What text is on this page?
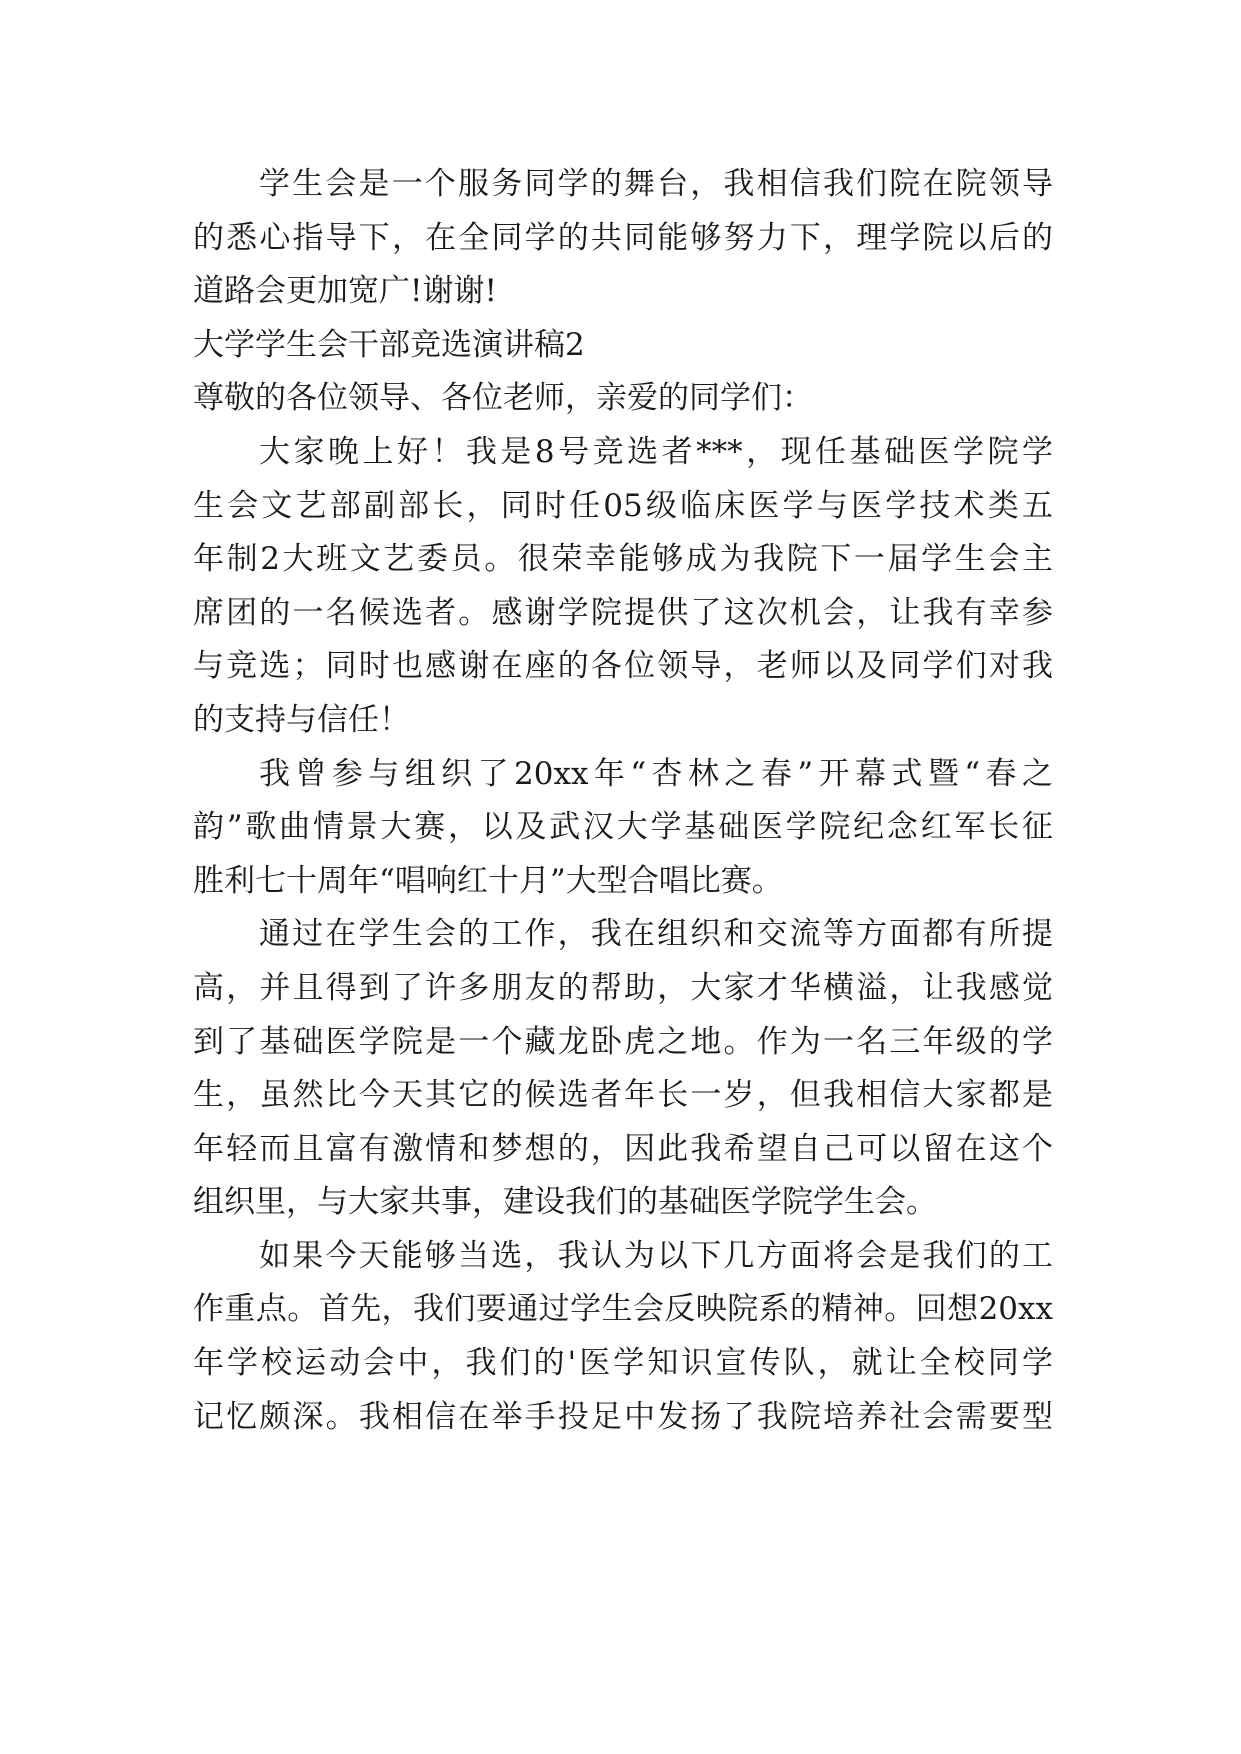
学生会是一个服务同学的舞台，我相信我们院在院领导
的悉心指导下，在全同学的共同能够努力下，理学院以后的
道路会更加宽广!谢谢!
大学学生会干部竞选演讲稿2
尊敬的各位领导、各位老师，亲爱的同学们：
大家晚上好！我是8号竞选者***，现任基础医学院学
生会文艺部副部长，同时任05级临床医学与医学技术类五
年制2大班文艺委员。很荣幸能够成为我院下一届学生会主
席团的一名候选者。感谢学院提供了这次机会，让我有幸参
与竞选；同时也感谢在座的各位领导，老师以及同学们对我
的支持与信任！
我曾参与组织了20xx年“杏林之春”开幕式暨“春之
韵”歌曲情景大赛，以及武汉大学基础医学院纪念红军长征
胜利七十周年“唱响红十月”大型合唱比赛。
通过在学生会的工作，我在组织和交流等方面都有所提
高，并且得到了许多朋友的帮助，大家才华横溢，让我感觉
到了基础医学院是一个藏龙卧虎之地。作为一名三年级的学
生，虽然比今天其它的候选者年长一岁，但我相信大家都是
年轻而且富有激情和梦想的，因此我希望自己可以留在这个
组织里，与大家共事，建设我们的基础医学院学生会。
如果今天能够当选，我认为以下几方面将会是我们的工
作重点。首先，我们要通过学生会反映院系的精神。回想20xx
年学校运动会中，我们的'医学知识宣传队，就让全校同学
记忆颇深。我相信在举手投足中发扬了我院培养社会需要型
